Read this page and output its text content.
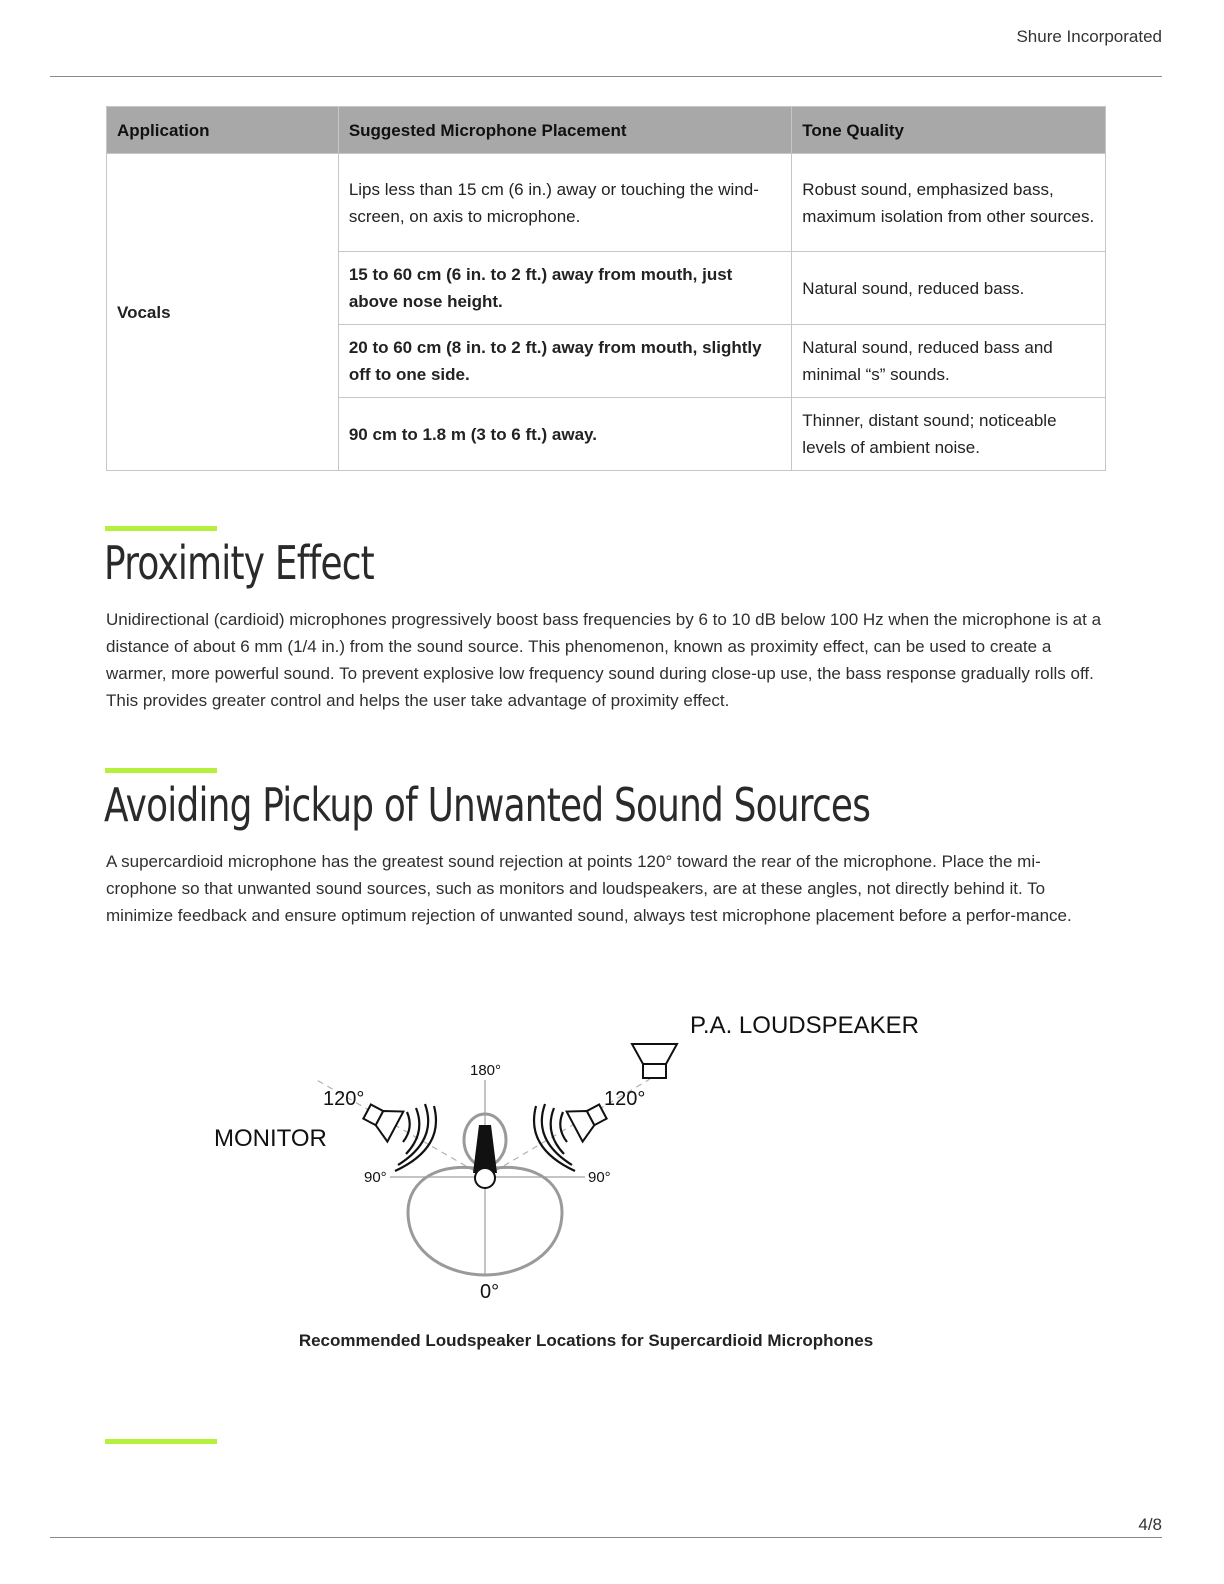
Shure Incorporated
Application	Suggested Microphone Placement	Tone Quality
Vocals	Lips less than 15 cm (6 in.) away or touching the wind-screen, on axis to microphone.	Robust sound, emphasized bass, maximum isolation from other sources.
	15 to 60 cm (6 in. to 2 ft.) away from mouth, just above nose height.	Natural sound, reduced bass.
	20 to 60 cm (8 in. to 2 ft.) away from mouth, slightly off to one side.	Natural sound, reduced bass and minimal “s” sounds.
	90 cm to 1.8 m (3 to 6 ft.) away.	Thinner, distant sound; noticeable levels of ambient noise.
Proximity Effect

Unidirectional (cardioid) microphones progressively boost bass frequencies by 6 to 10 dB below 100 Hz when the microphone is at a distance of about 6 mm (1/4 in.) from the sound source. This phenomenon, known as proximity effect, can be used to create a warmer, more powerful sound. To prevent explosive low frequency sound during close-up use, the bass response gradually rolls off. This provides greater control and helps the user take advantage of proximity effect.

Avoiding Pickup of Unwanted Sound Sources

A supercardioid microphone has the greatest sound rejection at points 120° toward the rear of the microphone. Place the mi-crophone so that unwanted sound sources, such as monitors and loudspeakers, are at these angles, not directly behind it. To minimize feedback and ensure optimum rejection of unwanted sound, always test microphone placement before a perfor-mance.

P.A. LOUDSPEAKER
MONITOR
180°
120°	120°
90°	90°
0°
Recommended Loudspeaker Locations for Supercardioid Microphones
4/8
